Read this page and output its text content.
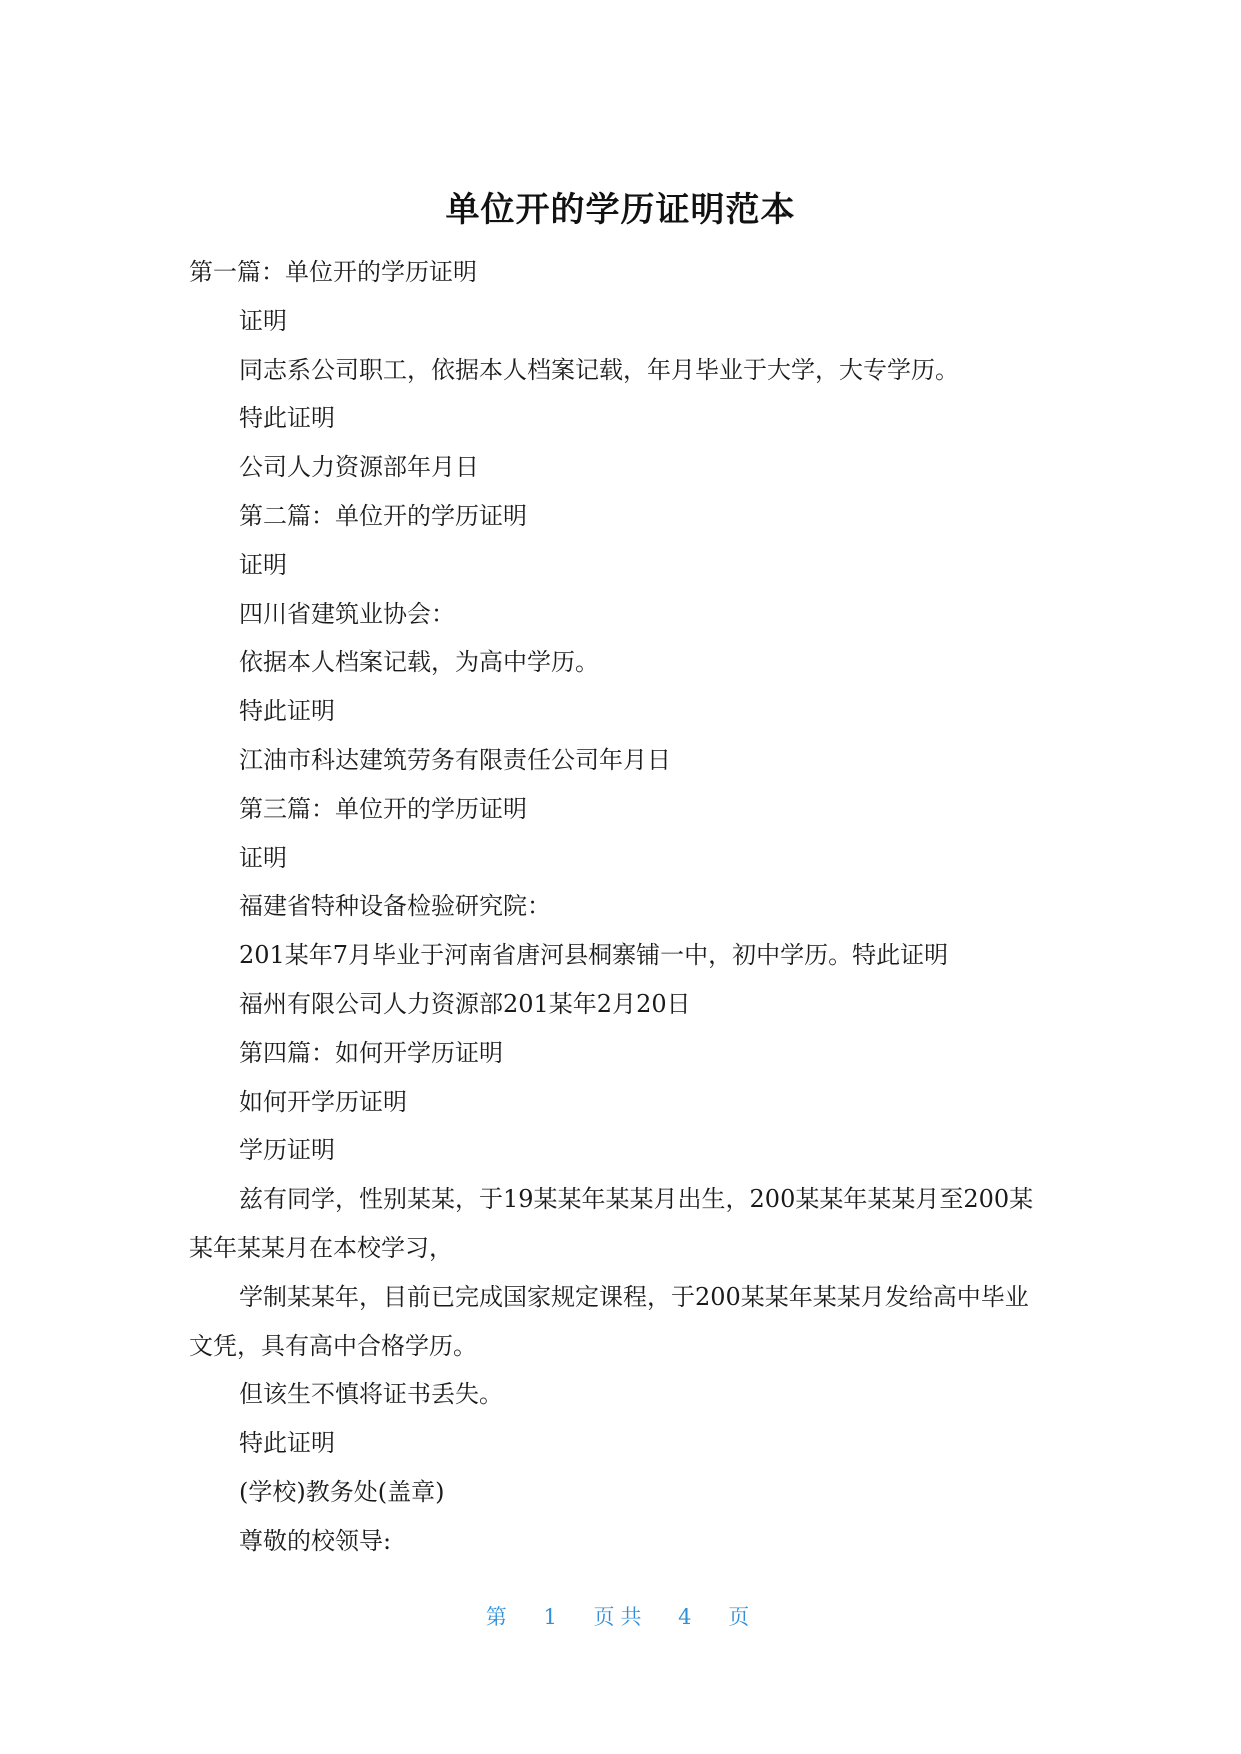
单位开的学历证明范本

第一篇：单位开的学历证明

证明

同志系公司职工，依据本人档案记载，年月毕业于大学，大专学历。

特此证明

公司人力资源部年月日

第二篇：单位开的学历证明

证明

四川省建筑业协会：

依据本人档案记载，为高中学历。

特此证明

江油市科达建筑劳务有限责任公司年月日

第三篇：单位开的学历证明

证明

福建省特种设备检验研究院：

201某年7月毕业于河南省唐河县桐寨铺一中，初中学历。特此证明

福州有限公司人力资源部201某年2月20日

第四篇：如何开学历证明

如何开学历证明

学历证明

兹有同学，性别某某，于19某某年某某月出生，200某某年某某月至200某某年某某月在本校学习，

学制某某年，目前已完成国家规定课程，于200某某年某某月发给高中毕业文凭，具有高中合格学历。

但该生不慎将证书丢失。

特此证明

(学校)教务处(盖章)

尊敬的校领导:

第 1 页共 4 页
